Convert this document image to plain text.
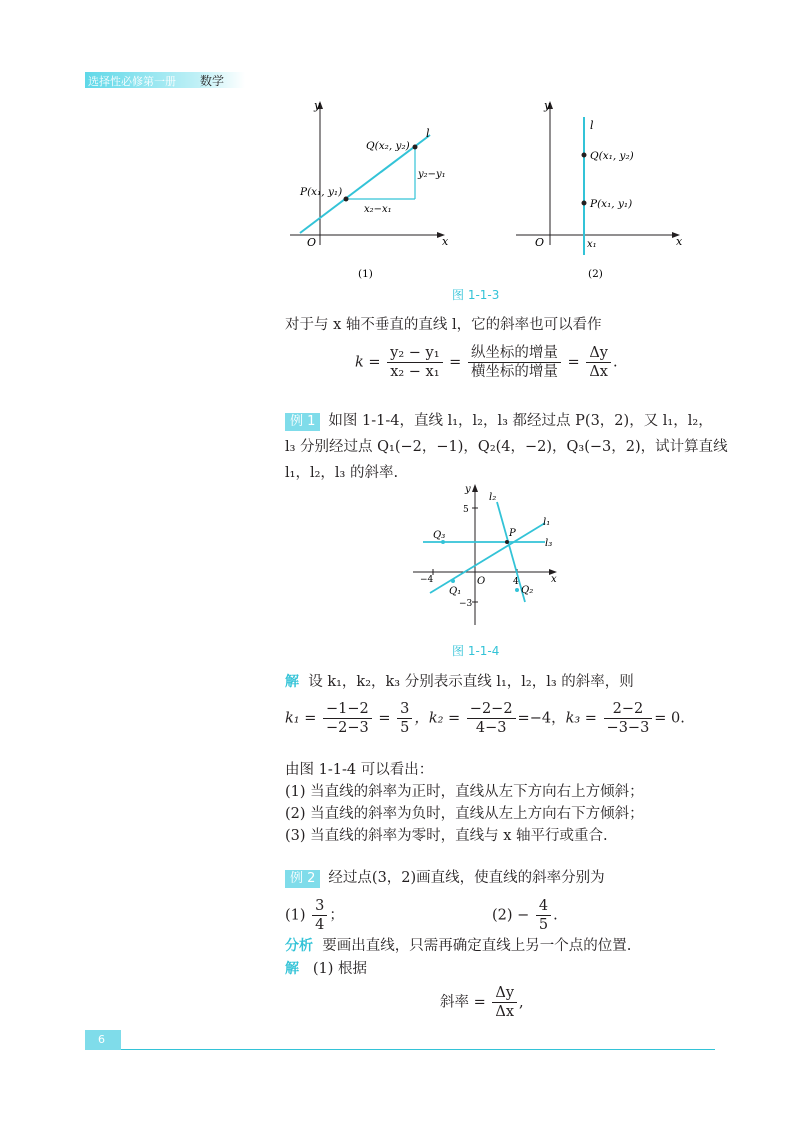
选择性必修第一册 数学
y
x
O
l
Q(x₂, y₂)
P(x₁, y₁)
y₂−y₁
x₂−x₁
(1)
y
x
O
l
Q(x₁, y₂)
P(x₁, y₁)
x₁
(2)
图 1-1-3
对于与 x 轴不垂直的直线 l，它的斜率也可以看作
$k = \frac{\text{y₂ − y₁}}{\text{x₂ − x₁}} = \frac{\text{纵坐标的增量}}{\text{横坐标的增量}} = \frac{\Delta y}{\Delta x}$ .
例 1 如图 1-1-4，直线 l₁，l₂，l₃ 都经过点 P(3，2)，又 l₁，l₂，
l₃ 分别经过点 Q₁(−2，−1)，Q₂(4，−2)，Q₃(−3，2)，试计算直线
l₁，l₂，l₃ 的斜率.
y
x
O
5
−3
−4	4
l₁
l₂
l₃
P
Q₁	Q₂
Q₃
图 1-1-4
解 设 k₁，k₂，k₃ 分别表示直线 l₁，l₂，l₃ 的斜率，则
$k_1 = \frac{-1-2}{-2-3} = \frac{3}{5}$ ，$k_2 = \frac{-2-2}{4-3} =-4$，$k_3 = \frac{2-2}{-3-3} = 0$.
由图 1-1-4 可以看出：
(1) 当直线的斜率为正时，直线从左下方向右上方倾斜；
(2) 当直线的斜率为负时，直线从左上方向右下方倾斜；
(3) 当直线的斜率为零时，直线与 x 轴平行或重合.
例 2 经过点(3，2)画直线，使直线的斜率分别为
$(1) \frac{3}{4}$ ；	$(2) - \frac{4}{5}$ .
分析 要画出直线，只需再确定直线上另一个点的位置.
解 (1) 根据
斜率 = $\frac{\Delta y}{\Delta x}$ ,
6
